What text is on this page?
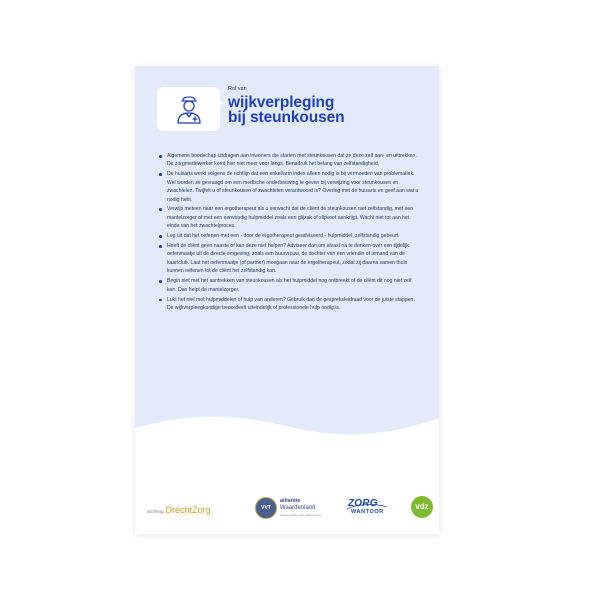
Rol van
wijkverpleging
bij steunkousen
Algemene boodschap uitdragen aan inwoners die starten met steunkousen dat ze deze zelf aan- en uittrekken. De zorgmedewerker komt hier niet meer voor langs. Benadruk het belang van zelfstandigheid.
De huisarts werkt volgens de richtlijn dat een enkel/arm index alleen nodig is bij vermoeden van problematiek. Wel worden ze gevraagd om een medische onderbouwing te geven bij verwijzing voor steunkousen en zwachtelen. Twijfelt u of steunkousen of zwachtelen verantwoord is? Overleg met de huisarts en geef aan wat u nodig hebt.
Verwijs meteen naar een ergotherapeut als u verwacht dat de cliënt de steunkousen niet zelfstandig, met een mantelzorger of met een eenvoudig hulpmiddel zoals een glijzak of slipvoet aankrijgt. Wacht niet tot aan het einde van het zwachtelproces.
Leg uit dat het oefenen met een - door de ergotherapeut geadviseerd - hulpmiddel, zelfstandig gebeurt.
Heeft de cliënt geen naaste of kan deze niet helpen? Adviseer dan om alvast na te denken over een tijdelijk oefenmaatje uit de directe omgeving, zoals een buurvrouw, de dochter van een vriendin of iemand van de kaartclub. Laat het oefenmaatje (of partner) meegaan naar de ergotherapeut, zodat zij daarna samen thuis kunnen oefenen tot de cliënt het zelfstandig kan.
Begin niet met het aantrekken van steunkousen als het hulpmiddel nog ontbreekt of de cliënt dit nog niet zelf kan. Dan helpt de mantelzorger.
Lukt het niet met hulpmiddelen of hulp van anderen? Gebruik dan de gespreksleidraad voor de juiste stappen. De wijkverpleegkundige beoordeelt uiteindelijk of professionele hulp nodig is.
stichting DrechtZorg	VVT
alliantie
Waardenland
Samen werken aan ouderenzorg
ZORG
WANTOOR
vdz
